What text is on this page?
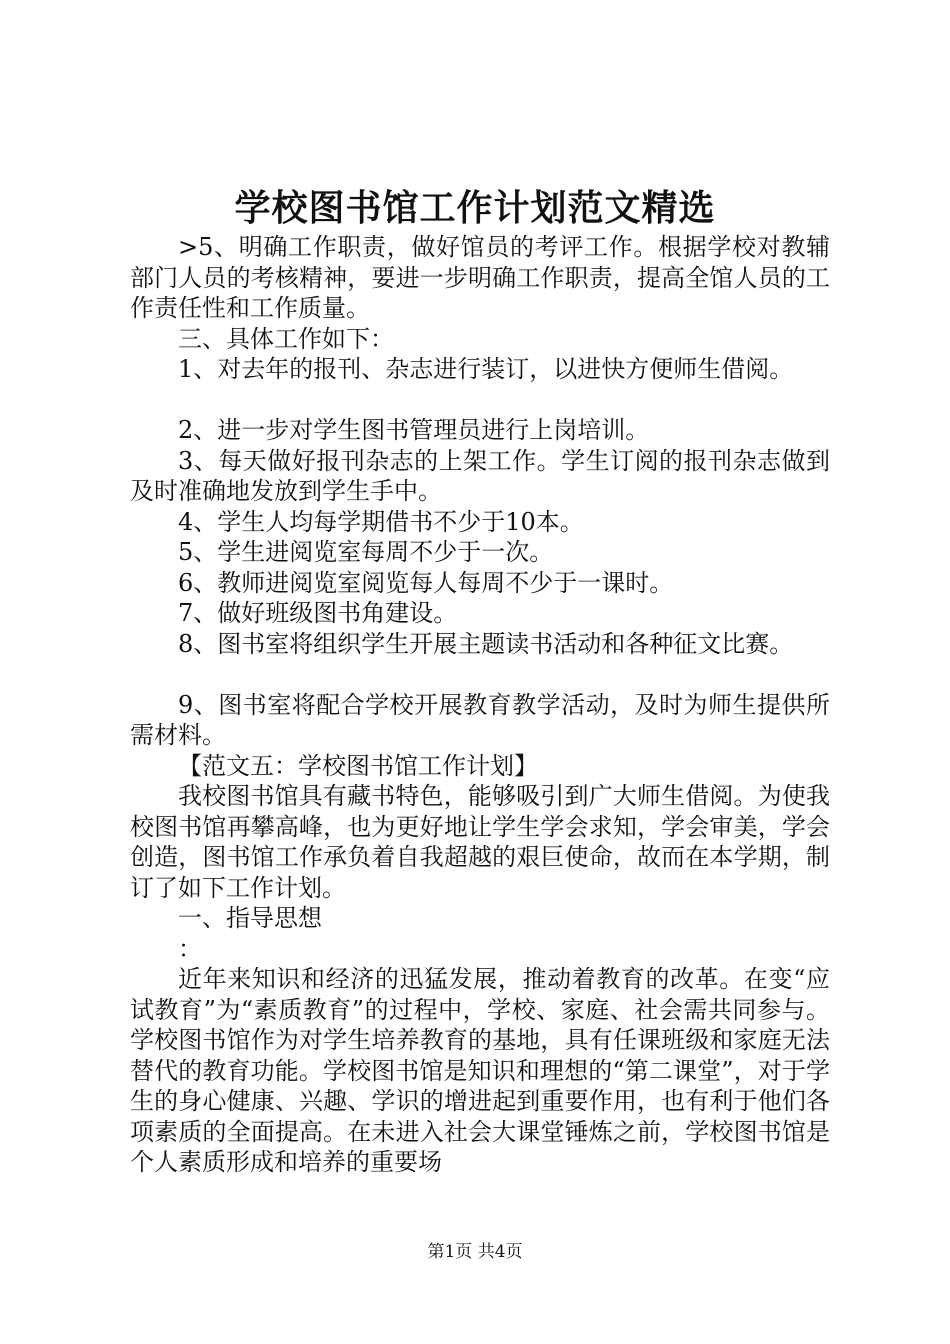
学校图书馆工作计划范文精选

>5、明确工作职责，做好馆员的考评工作。根据学校对教辅部门人员的考核精神，要进一步明确工作职责，提高全馆人员的工作责任性和工作质量。

三、具体工作如下：

1、对去年的报刊、杂志进行装订，以进快方便师生借阅。

2、进一步对学生图书管理员进行上岗培训。

3、每天做好报刊杂志的上架工作。学生订阅的报刊杂志做到及时准确地发放到学生手中。

4、学生人均每学期借书不少于10本。

5、学生进阅览室每周不少于一次。

6、教师进阅览室阅览每人每周不少于一课时。

7、做好班级图书角建设。

8、图书室将组织学生开展主题读书活动和各种征文比赛。

9、图书室将配合学校开展教育教学活动，及时为师生提供所需材料。

【范文五：学校图书馆工作计划】

我校图书馆具有藏书特色，能够吸引到广大师生借阅。为使我校图书馆再攀高峰，也为更好地让学生学会求知，学会审美，学会创造，图书馆工作承负着自我超越的艰巨使命，故而在本学期，制订了如下工作计划。

一、指导思想

：

近年来知识和经济的迅猛发展，推动着教育的改革。在变“应试教育”为“素质教育”的过程中，学校、家庭、社会需共同参与。学校图书馆作为对学生培养教育的基地，具有任课班级和家庭无法替代的教育功能。学校图书馆是知识和理想的“第二课堂”，对于学生的身心健康、兴趣、学识的增进起到重要作用，也有利于他们各项素质的全面提高。在未进入社会大课堂锤炼之前，学校图书馆是个人素质形成和培养的重要场

第1页 共4页
